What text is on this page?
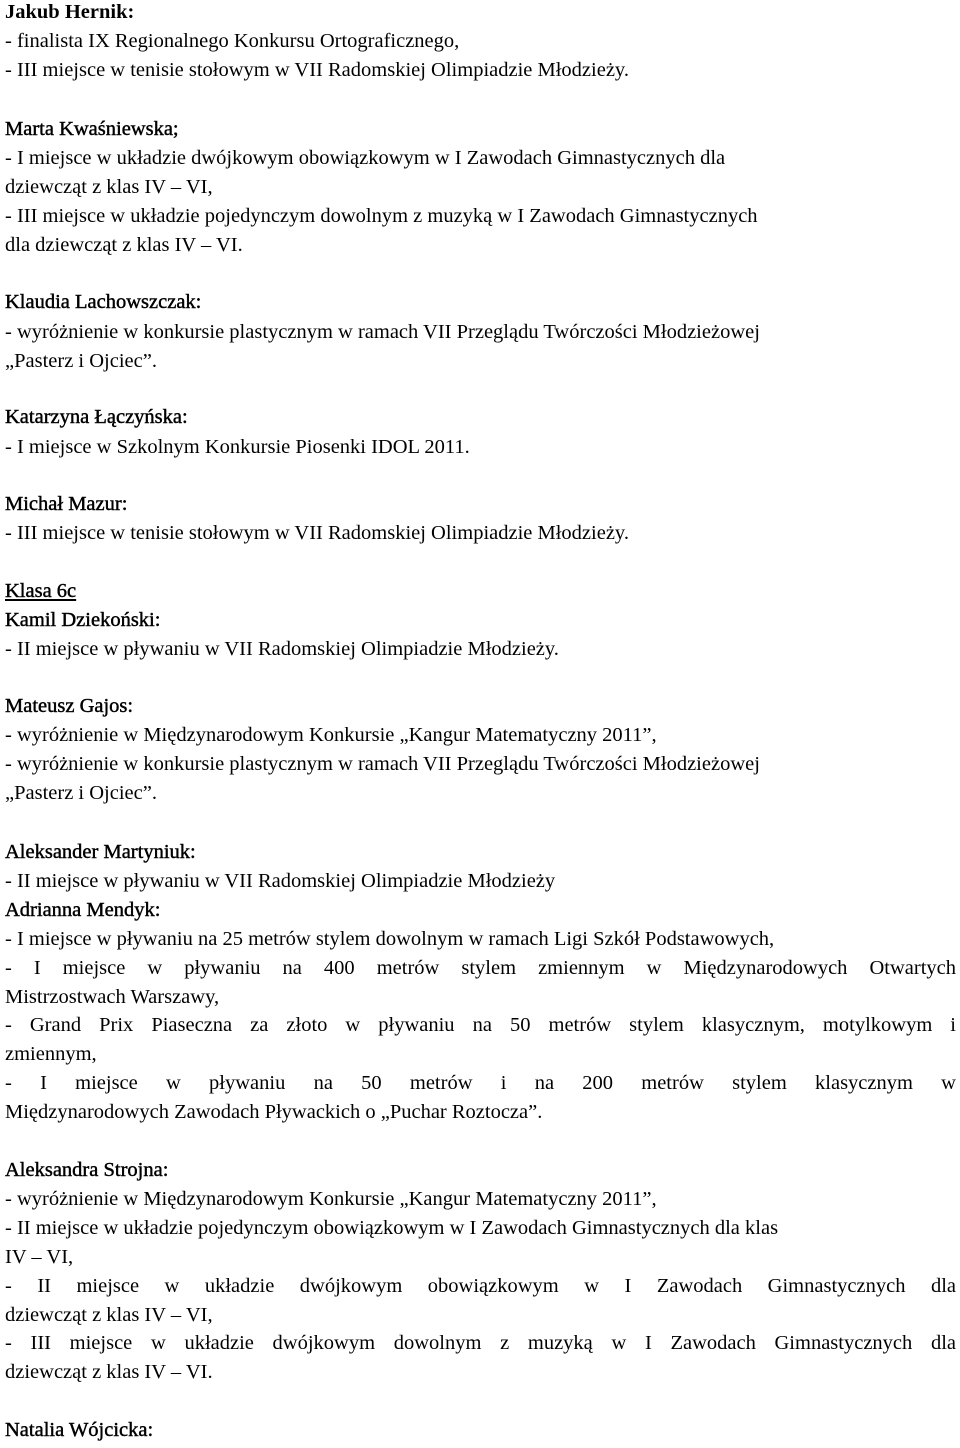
Jakub Hernik:
- finalista IX Regionalnego Konkursu Ortograficznego,
- III miejsce w tenisie stołowym w VII Radomskiej Olimpiadzie Młodzieży.
Marta Kwaśniewska;
- I miejsce w układzie dwójkowym obowiązkowym w I Zawodach Gimnastycznych dla
dziewcząt z klas IV – VI,
- III miejsce w układzie pojedynczym dowolnym z muzyką w I Zawodach Gimnastycznych
dla dziewcząt z klas IV – VI.
Klaudia Lachowszczak:
- wyróżnienie w konkursie plastycznym w ramach VII Przeglądu Twórczości Młodzieżowej
„Pasterz i Ojciec”.
Katarzyna Łączyńska:
- I miejsce w Szkolnym Konkursie Piosenki IDOL 2011.
Michał Mazur:
- III miejsce w tenisie stołowym w VII Radomskiej Olimpiadzie Młodzieży.
Klasa 6c
Kamil Dziekoński:
- II miejsce w pływaniu w VII Radomskiej Olimpiadzie Młodzieży.
Mateusz Gajos:
- wyróżnienie w Międzynarodowym Konkursie „Kangur Matematyczny 2011”,
- wyróżnienie w konkursie plastycznym w ramach VII Przeglądu Twórczości Młodzieżowej
„Pasterz i Ojciec”.
Aleksander Martyniuk:
- II miejsce w pływaniu w VII Radomskiej Olimpiadzie Młodzieży
Adrianna Mendyk:
- I miejsce w pływaniu na 25 metrów stylem dowolnym w ramach Ligi Szkół Podstawowych,
- I miejsce w pływaniu na 400 metrów stylem zmiennym w Międzynarodowych Otwartych
Mistrzostwach Warszawy,
- Grand Prix Piaseczna za złoto w pływaniu na 50 metrów stylem klasycznym, motylkowym i
zmiennym,
- I miejsce w pływaniu na 50 metrów i na 200 metrów stylem klasycznym w
Międzynarodowych Zawodach Pływackich o „Puchar Roztocza”.
Aleksandra Strojna:
- wyróżnienie w Międzynarodowym Konkursie „Kangur Matematyczny 2011”,
- II miejsce w układzie pojedynczym obowiązkowym w I Zawodach Gimnastycznych dla klas
IV – VI,
- II miejsce w układzie dwójkowym obowiązkowym w I Zawodach Gimnastycznych dla
dziewcząt z klas IV – VI,
- III miejsce w układzie dwójkowym dowolnym z muzyką w I Zawodach Gimnastycznych dla
dziewcząt z klas IV – VI.
Natalia Wójcicka:
